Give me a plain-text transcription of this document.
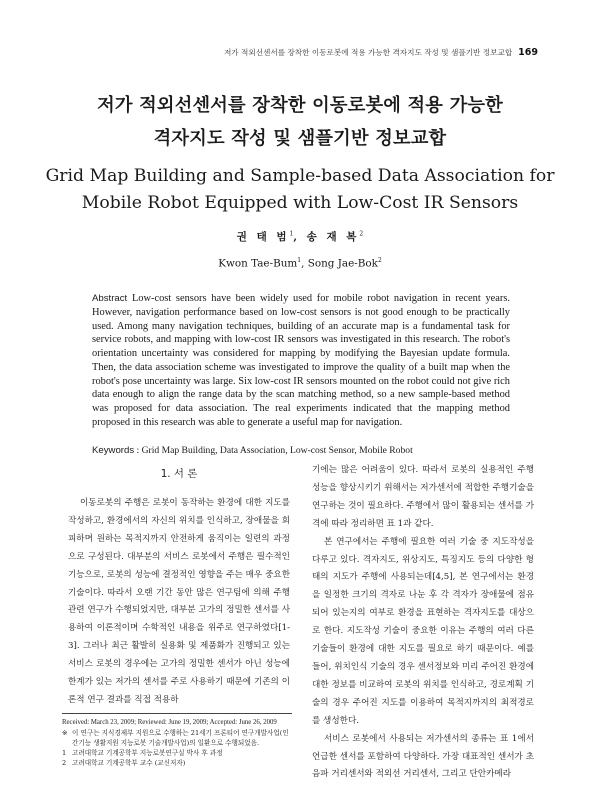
저가 적외선센서를 장착한 이동로봇에 적용 가능한 격자지도 작성 및 샘플기반 정보교합 169
저가 적외선센서를 장착한 이동로봇에 적용 가능한
격자지도 작성 및 샘플기반 정보교합
Grid Map Building and Sample-based Data Association for
Mobile Robot Equipped with Low-Cost IR Sensors
권 태 범$^1$, 송 재 복$^2$
Kwon Tae-Bum$^1$, Song Jae-Bok$^2$
Abstract Low-cost sensors have been widely used for mobile robot navigation in recent years. However, navigation performance based on low-cost sensors is not good enough to be practically used. Among many navigation techniques, building of an accurate map is a fundamental task for service robots, and mapping with low-cost IR sensors was investigated in this research. The robot's orientation uncertainty was considered for mapping by modifying the Bayesian update formula. Then, the data association scheme was investigated to improve the quality of a built map when the robot's pose uncertainty was large. Six low-cost IR sensors mounted on the robot could not give rich data enough to align the range data by the scan matching method, so a new sample-based method was proposed for data association. The real experiments indicated that the mapping method proposed in this research was able to generate a useful map for navigation.
Keywords : Grid Map Building, Data Association, Low-cost Sensor, Mobile Robot
1. 서 론

이동로봇의 주행은 로봇이 동작하는 환경에 대한 지도를 작성하고, 환경에서의 자신의 위치를 인식하고, 장애물을 회피하며 원하는 목적지까지 안전하게 움직이는 일련의 과정으로 구성된다. 대부분의 서비스 로봇에서 주행은 필수적인 기능으로, 로봇의 성능에 결정적인 영향을 주는 매우 중요한 기술이다. 따라서 오랜 기간 동안 많은 연구팀에 의해 주행 관련 연구가 수행되었지만, 대부분 고가의 정밀한 센서를 사용하여 이론적이며 수학적인 내용을 위주로 연구하였다[1-3]. 그러나 최근 활발히 실용화 및 제품화가 진행되고 있는 서비스 로봇의 경우에는 고가의 정밀한 센서가 아닌 성능에 한계가 있는 저가의 센서를 주로 사용하기 때문에 기존의 이론적 연구 결과를 직접 적용하

기에는 많은 어려움이 있다. 따라서 로봇의 실용적인 주행 성능을 향상시키기 위해서는 저가센서에 적합한 주행기술을 연구하는 것이 필요하다. 주행에서 많이 활용되는 센서를 가격에 따라 정리하면 표 1과 같다.

본 연구에서는 주행에 필요한 여러 기술 중 지도작성을 다루고 있다. 격자지도, 위상지도, 특징지도 등의 다양한 형태의 지도가 주행에 사용되는데[4,5], 본 연구에서는 환경을 일정한 크기의 격자로 나눈 후 각 격자가 장애물에 점유되어 있는지의 여부로 환경을 표현하는 격자지도를 대상으로 한다. 지도작성 기술이 중요한 이유는 주행의 여러 다른 기술들이 환경에 대한 지도를 필요로 하기 때문이다. 예를 들어, 위치인식 기술의 경우 센서정보와 미리 주어진 환경에 대한 정보를 비교하여 로봇의 위치를 인식하고, 경로계획 기술의 경우 주어진 지도를 이용하여 목적지까지의 최적경로를 생성한다.

서비스 로봇에서 사용되는 저가센서의 종류는 표 1에서 언급한 센서를 포함하여 다양하다. 가장 대표적인 센서가 초음파 거리센서와 적외선 거리센서, 그리고 단안카메라

Received: March 23, 2009; Reviewed: June 19, 2009; Accepted: June 26, 2009
※ 이 연구는 지식경제부 지원으로 수행하는 21세기 프론티어 연구개발사업(인간기능 생활지원 지능로봇 기술개발사업)의 일환으로 수행되었음.
1 고려대학교 기계공학부 지능로봇연구실 박사 후 과정
2 고려대학교 기계공학부 교수 (교신저자)
